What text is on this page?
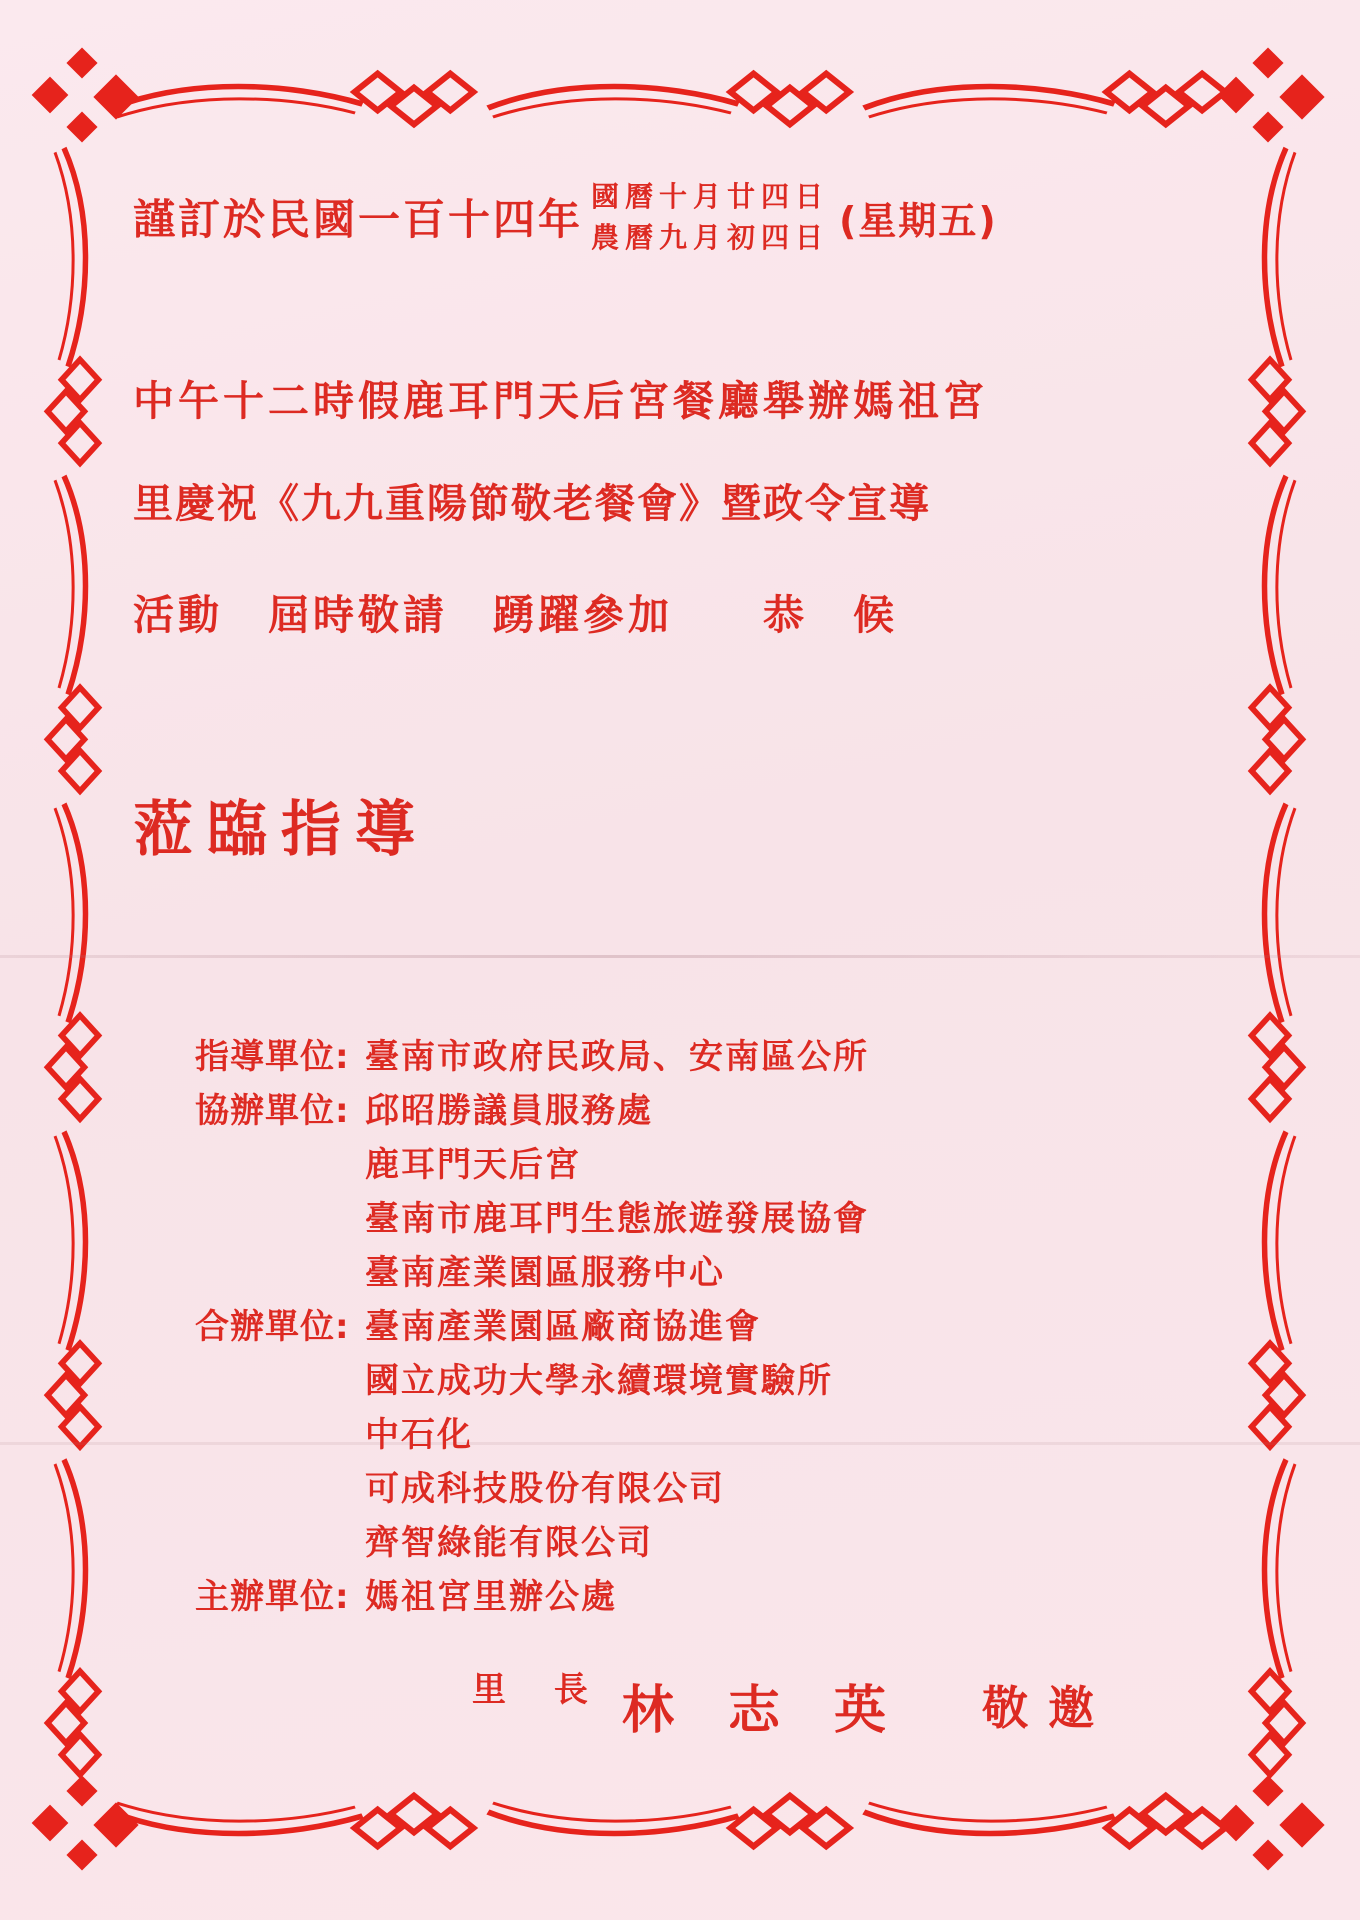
謹訂於民國一百十四年 國曆十月廿四日
農曆九月初四日 (星期五)
中午十二時假鹿耳門天后宮餐廳舉辦媽祖宮
里慶祝《九九重陽節敬老餐會》暨政令宣導
活動　屆時敬請　踴躍參加　　恭　候
蒞臨指導
指導單位: 臺南市政府民政局、安南區公所
協辦單位: 邱昭勝議員服務處
鹿耳門天后宮
臺南市鹿耳門生態旅遊發展協會
臺南產業園區服務中心
合辦單位: 臺南產業園區廠商協進會
國立成功大學永續環境實驗所
中石化
可成科技股份有限公司
齊智綠能有限公司
主辦單位: 媽祖宮里辦公處
里 長 林 志 英 敬邀
